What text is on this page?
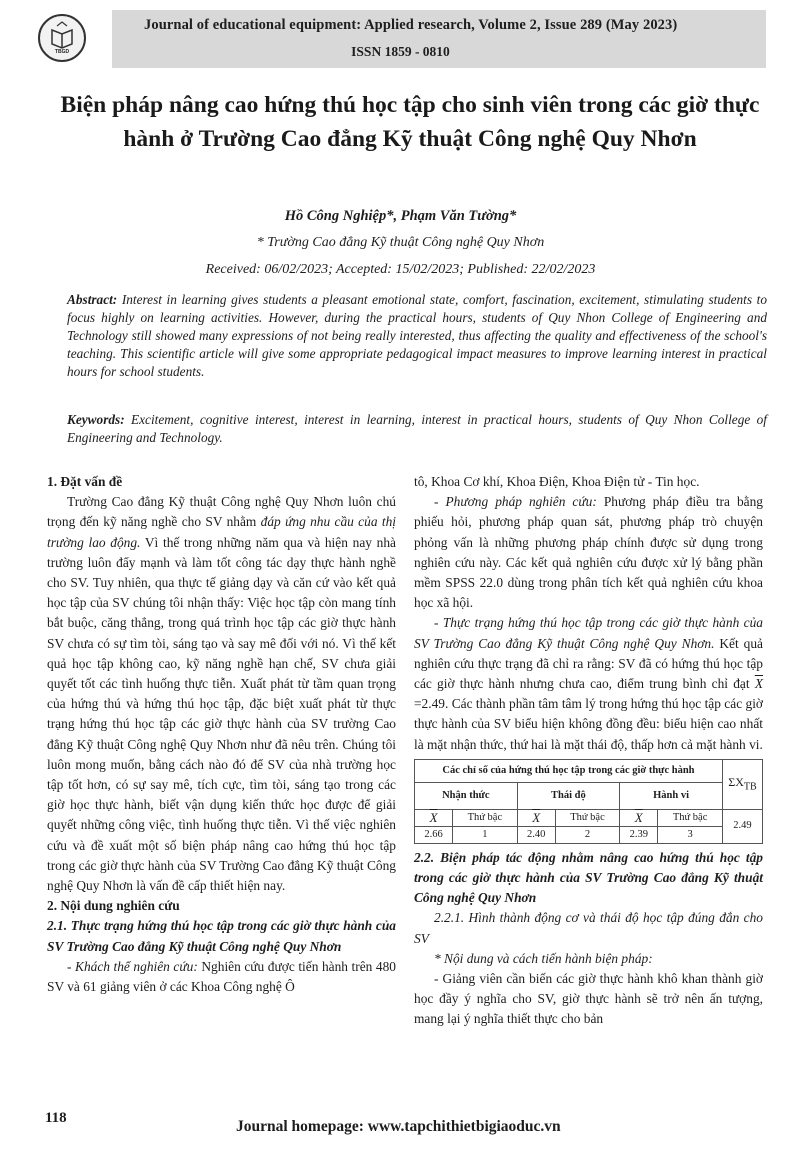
TBGD
Journal of educational equipment: Applied research, Volume 2, Issue 289 (May 2023)
ISSN 1859 - 0810
Biện pháp nâng cao hứng thú học tập cho sinh viên trong các giờ thực hành ở Trường Cao đẳng Kỹ thuật Công nghệ Quy Nhơn
Hồ Công Nghiệp*, Phạm Văn Tường*
* Trường Cao đẳng Kỹ thuật Công nghệ Quy Nhơn
Received: 06/02/2023; Accepted: 15/02/2023; Published: 22/02/2023
Abstract: Interest in learning gives students a pleasant emotional state, comfort, fascination, excitement, stimulating students to focus highly on learning activities. However, during the practical hours, students of Quy Nhon College of Engineering and Technology still showed many expressions of not being really interested, thus affecting the quality and effectiveness of the school's teaching. This scientific article will give some appropriate pedagogical impact measures to improve learning interest in practical hours for school students.
Keywords: Excitement, cognitive interest, interest in learning, interest in practical hours, students of Quy Nhon College of Engineering and Technology.

1. Đặt vấn đề

Trường Cao đẳng Kỹ thuật Công nghệ Quy Nhơn luôn chú trọng đến kỹ năng nghề cho SV nhằm đáp ứng nhu cầu của thị trường lao động. Vì thế trong những năm qua và hiện nay nhà trường luôn đẩy mạnh và làm tốt công tác dạy thực hành nghề cho SV. Tuy nhiên, qua thực tế giảng dạy và căn cứ vào kết quả học tập của SV chúng tôi nhận thấy: Việc học tập còn mang tính bắt buộc, căng thẳng, trong quá trình học tập các giờ thực hành SV chưa có sự tìm tòi, sáng tạo và say mê đối với nó. Vì thế kết quả học tập không cao, kỹ năng nghề hạn chế, SV chưa giải quyết tốt các tình huống thực tiễn. Xuất phát từ tầm quan trọng của hứng thú và hứng thú học tập, đặc biệt xuất phát từ thực trạng hứng thú học tập các giờ thực hành của SV trường Cao đẳng Kỹ thuật Công nghệ Quy Nhơn như đã nêu trên. Chúng tôi luôn mong muốn, bằng cách nào đó để SV của nhà trường học tập tốt hơn, có sự say mê, tích cực, tìm tòi, sáng tạo trong các giờ học thực hành, biết vận dụng kiến thức học được để giải quyết những công việc, tình huống thực tiễn. Vì thế việc nghiên cứu và đề xuất một số biện pháp nâng cao hứng thú học tập trong các giờ thực hành của SV Trường Cao đẳng Kỹ thuật Công nghệ Quy Nhơn là vấn đề cấp thiết hiện nay.

2. Nội dung nghiên cứu

2.1. Thực trạng hứng thú học tập trong các giờ thực hành của SV Trường Cao đẳng Kỹ thuật Công nghệ Quy Nhơn

- Khách thể nghiên cứu: Nghiên cứu được tiến hành trên 480 SV và 61 giảng viên ở các Khoa Công nghệ Ô

tô, Khoa Cơ khí, Khoa Điện, Khoa Điện tử - Tin học.

- Phương pháp nghiên cứu: Phương pháp điều tra bằng phiếu hỏi, phương pháp quan sát, phương pháp trò chuyện phỏng vấn là những phương pháp chính được sử dụng trong nghiên cứu này. Các kết quả nghiên cứu được xử lý bằng phần mềm SPSS 22.0 dùng trong phân tích kết quả nghiên cứu khoa học xã hội.

- Thực trạng hứng thú học tập trong các giờ thực hành của SV Trường Cao đẳng Kỹ thuật Công nghệ Quy Nhơn. Kết quả nghiên cứu thực trạng đã chỉ ra rằng: SV đã có hứng thú học tập các giờ thực hành nhưng chưa cao, điểm trung bình chỉ đạt $\overline{X} =2.49$. Các thành phần tâm tâm lý trong hứng thú học tập các giờ thực hành của SV biểu hiện không đồng đều: biểu hiện cao nhất là mặt nhận thức, thứ hai là mặt thái độ, thấp hơn cả mặt hành vi.

Các chỉ số của hứng thú học tập trong các giờ thực hành						$\Sigma X_{TB}$
Nhận thức		Thái độ		Hành vi		
$\overline{X}$	Thứ bậc	$\overline{X}$	Thứ bậc	$\overline{X}$	Thứ bậc	2.49
2.66	1	2.40	2	2.39	3	

2.2. Biện pháp tác động nhằm nâng cao hứng thú học tập trong các giờ thực hành của SV Trường Cao đẳng Kỹ thuật Công nghệ Quy Nhơn

2.2.1. Hình thành động cơ và thái độ học tập đúng đắn cho SV

* Nội dung và cách tiến hành biện pháp:

- Giảng viên cần biến các giờ thực hành khô khan thành giờ học đầy ý nghĩa cho SV, giờ thực hành sẽ trở nên ấn tượng, mang lại ý nghĩa thiết thực cho bản

118	Journal homepage: www.tapchithietbigiaoduc.vn
